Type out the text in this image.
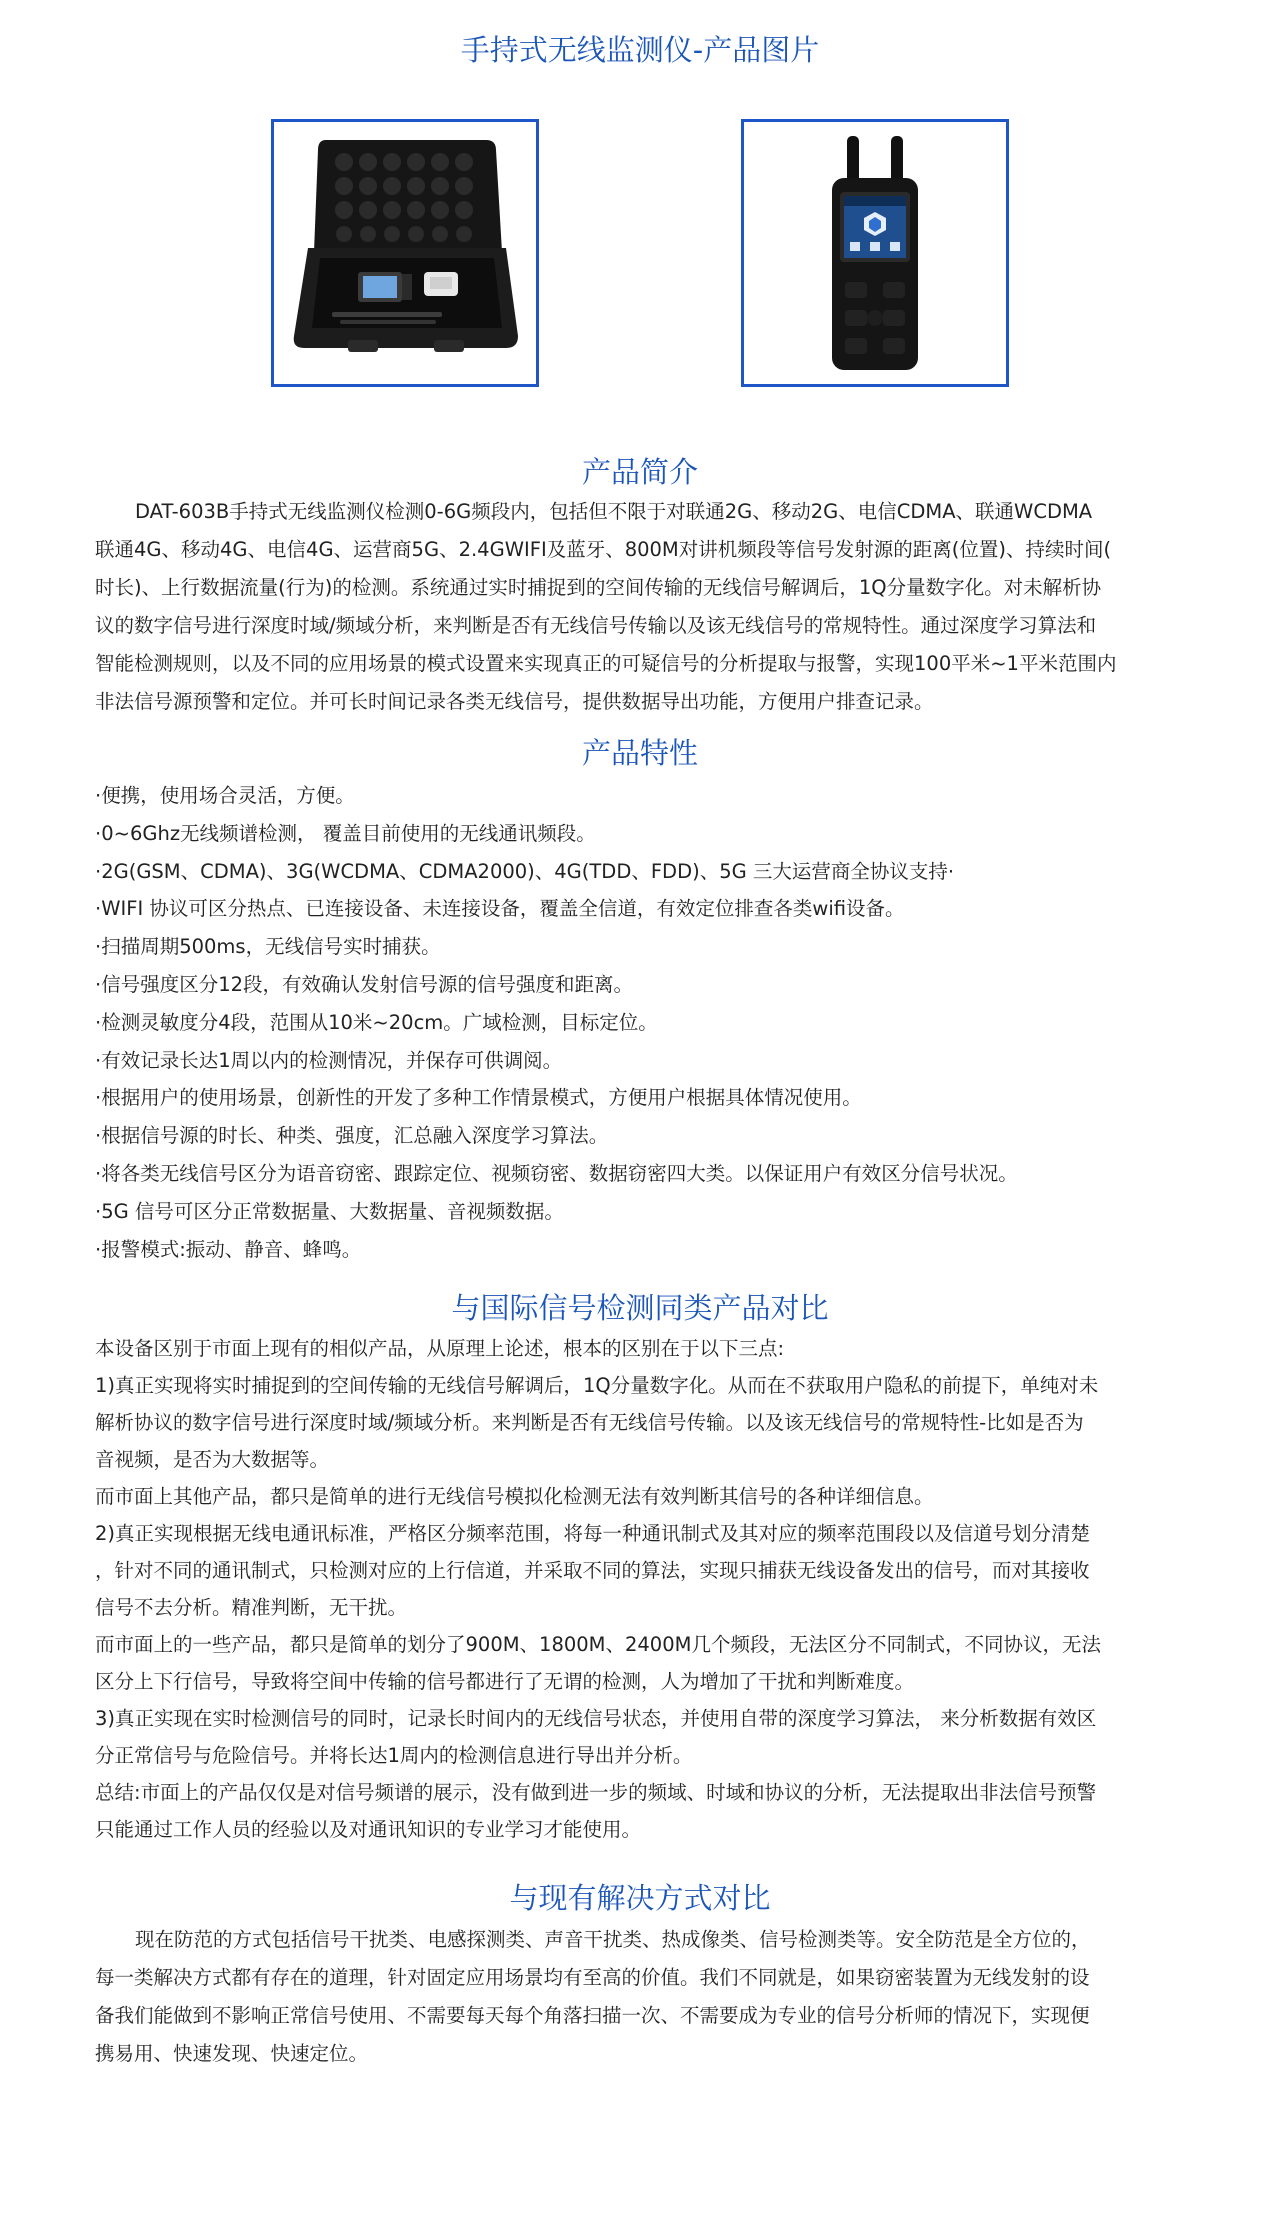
手持式无线监测仪-产品图片
产品简介
DAT-603B手持式无线监测仪检测0-6G频段内，包括但不限于对联通2G、移动2G、电信CDMA、联通WCDMA
联通4G、移动4G、电信4G、运营商5G、2.4GWIFI及蓝牙、800M对讲机频段等信号发射源的距离(位置)、持续时间(
时长)、上行数据流量(行为)的检测。系统通过实时捕捉到的空间传输的无线信号解调后，1Q分量数字化。对未解析协
议的数字信号进行深度时域/频域分析，来判断是否有无线信号传输以及该无线信号的常规特性。通过深度学习算法和
智能检测规则，以及不同的应用场景的模式设置来实现真正的可疑信号的分析提取与报警，实现100平米~1平米范围内
非法信号源预警和定位。并可长时间记录各类无线信号，提供数据导出功能，方便用户排查记录。
产品特性
·便携，使用场合灵活，方便。
·0~6Ghz无线频谱检测， 覆盖目前使用的无线通讯频段。
·2G(GSM、CDMA)、3G(WCDMA、CDMA2000)、4G(TDD、FDD)、5G 三大运营商全协议支持·
·WIFI 协议可区分热点、已连接设备、未连接设备，覆盖全信道，有效定位排查各类wifi设备。
·扫描周期500ms，无线信号实时捕获。
·信号强度区分12段，有效确认发射信号源的信号强度和距离。
·检测灵敏度分4段，范围从10米~20cm。广域检测，目标定位。
·有效记录长达1周以内的检测情况，并保存可供调阅。
·根据用户的使用场景，创新性的开发了多种工作情景模式，方便用户根据具体情况使用。
·根据信号源的时长、种类、强度，汇总融入深度学习算法。
·将各类无线信号区分为语音窃密、跟踪定位、视频窃密、数据窃密四大类。以保证用户有效区分信号状况。
·5G 信号可区分正常数据量、大数据量、音视频数据。
·报警模式:振动、静音、蜂鸣。
与国际信号检测同类产品对比
本设备区别于市面上现有的相似产品，从原理上论述，根本的区别在于以下三点:
1)真正实现将实时捕捉到的空间传输的无线信号解调后，1Q分量数字化。从而在不获取用户隐私的前提下，单纯对未
解析协议的数字信号进行深度时域/频域分析。来判断是否有无线信号传输。以及该无线信号的常规特性-比如是否为
音视频，是否为大数据等。
而市面上其他产品，都只是简单的进行无线信号模拟化检测无法有效判断其信号的各种详细信息。
2)真正实现根据无线电通讯标准，严格区分频率范围，将每一种通讯制式及其对应的频率范围段以及信道号划分清楚
，针对不同的通讯制式，只检测对应的上行信道，并采取不同的算法，实现只捕获无线设备发出的信号，而对其接收
信号不去分析。精准判断，无干扰。
而市面上的一些产品，都只是简单的划分了900M、1800M、2400M几个频段，无法区分不同制式，不同协议，无法
区分上下行信号，导致将空间中传输的信号都进行了无谓的检测，人为增加了干扰和判断难度。
3)真正实现在实时检测信号的同时，记录长时间内的无线信号状态，并使用自带的深度学习算法， 来分析数据有效区
分正常信号与危险信号。并将长达1周内的检测信息进行导出并分析。
总结:市面上的产品仅仅是对信号频谱的展示，没有做到进一步的频域、时域和协议的分析，无法提取出非法信号预警
只能通过工作人员的经验以及对通讯知识的专业学习才能使用。
与现有解决方式对比
现在防范的方式包括信号干扰类、电感探测类、声音干扰类、热成像类、信号检测类等。安全防范是全方位的，
每一类解决方式都有存在的道理，针对固定应用场景均有至高的价值。我们不同就是，如果窃密装置为无线发射的设
备我们能做到不影响正常信号使用、不需要每天每个角落扫描一次、不需要成为专业的信号分析师的情况下，实现便
携易用、快速发现、快速定位。
